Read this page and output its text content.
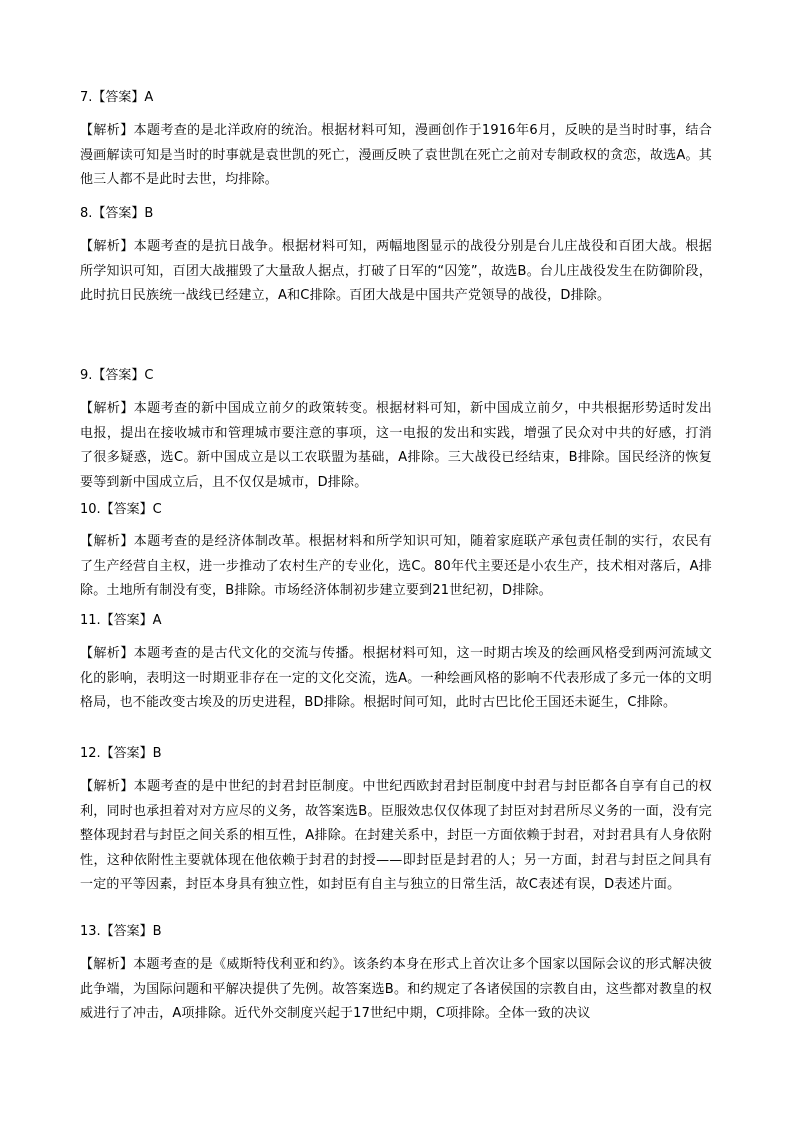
7.【答案】A
【解析】本题考查的是北洋政府的统治。根据材料可知，漫画创作于1916年6月，反映的是当时时事，结合漫画解读可知是当时的时事就是袁世凯的死亡，漫画反映了袁世凯在死亡之前对专制政权的贪恋，故选A。其他三人都不是此时去世，均排除。
8.【答案】B
【解析】本题考查的是抗日战争。根据材料可知，两幅地图显示的战役分别是台儿庄战役和百团大战。根据所学知识可知，百团大战摧毁了大量敌人据点，打破了日军的“囚笼”，故选B。台儿庄战役发生在防御阶段，此时抗日民族统一战线已经建立，A和C排除。百团大战是中国共产党领导的战役，D排除。
9.【答案】C
【解析】本题考查的新中国成立前夕的政策转变。根据材料可知，新中国成立前夕，中共根据形势适时发出电报，提出在接收城市和管理城市要注意的事项，这一电报的发出和实践，增强了民众对中共的好感，打消了很多疑惑，选C。新中国成立是以工农联盟为基础，A排除。三大战役已经结束，B排除。国民经济的恢复要等到新中国成立后，且不仅仅是城市，D排除。
10.【答案】C
【解析】本题考查的是经济体制改革。根据材料和所学知识可知，随着家庭联产承包责任制的实行，农民有了生产经营自主权，进一步推动了农村生产的专业化，选C。80年代主要还是小农生产，技术相对落后，A排除。土地所有制没有变，B排除。市场经济体制初步建立要到21世纪初，D排除。
11.【答案】A
【解析】本题考查的是古代文化的交流与传播。根据材料可知，这一时期古埃及的绘画风格受到两河流域文化的影响，表明这一时期亚非存在一定的文化交流，选A。一种绘画风格的影响不代表形成了多元一体的文明格局，也不能改变古埃及的历史进程，BD排除。根据时间可知，此时古巴比伦王国还未诞生，C排除。
12.【答案】B
【解析】本题考查的是中世纪的封君封臣制度。中世纪西欧封君封臣制度中封君与封臣都各自享有自己的权利，同时也承担着对对方应尽的义务，故答案选B。臣服效忠仅仅体现了封臣对封君所尽义务的一面，没有完整体现封君与封臣之间关系的相互性，A排除。在封建关系中，封臣一方面依赖于封君，对封君具有人身依附性，这种依附性主要就体现在他依赖于封君的封授——即封臣是封君的人；另一方面，封君与封臣之间具有一定的平等因素，封臣本身具有独立性，如封臣有自主与独立的日常生活，故C表述有误，D表述片面。
13.【答案】B
【解析】本题考查的是《威斯特伐利亚和约》。该条约本身在形式上首次让多个国家以国际会议的形式解决彼此争端，为国际问题和平解决提供了先例。故答案选B。和约规定了各诸侯国的宗教自由，这些都对教皇的权威进行了冲击，A项排除。近代外交制度兴起于17世纪中期，C项排除。全体一致的决议
